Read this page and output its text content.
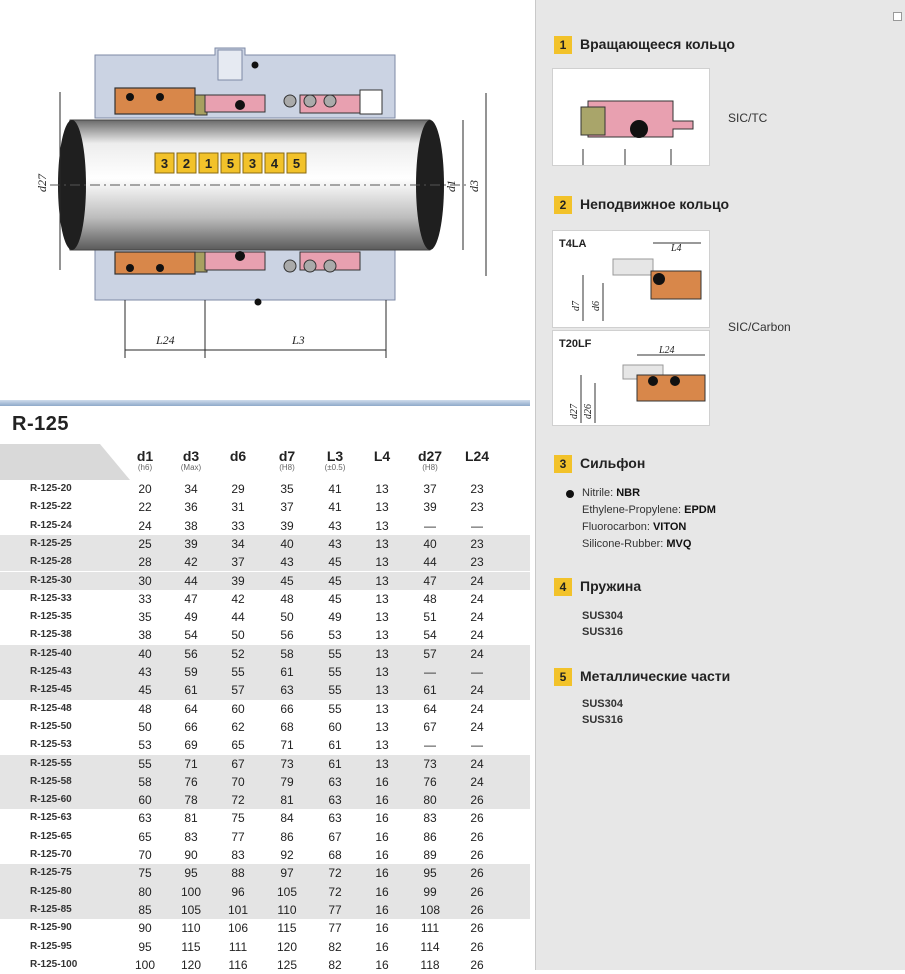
d27	d1 d3
L24	L3
3 2 1 5 3 4 5
R-125
d1
(h6)
d3
(Max)
d6	d7
(H8)
L3
(±0.5)
L4	d27
(H8)
L24
R-125-20	20	34	29	35	41	13	37	23
R-125-22	22	36	31	37	41	13	39	23
R-125-24	24	38	33	39	43	13	—	—
R-125-25	25	39	34	40	43	13	40	23
R-125-28	28	42	37	43	45	13	44	23
R-125-30	30	44	39	45	45	13	47	24
R-125-33	33	47	42	48	45	13	48	24
R-125-35	35	49	44	50	49	13	51	24
R-125-38	38	54	50	56	53	13	54	24
R-125-40	40	56	52	58	55	13	57	24
R-125-43	43	59	55	61	55	13	—	—
R-125-45	45	61	57	63	55	13	61	24
R-125-48	48	64	60	66	55	13	64	24
R-125-50	50	66	62	68	60	13	67	24
R-125-53	53	69	65	71	61	13	—	—
R-125-55	55	71	67	73	61	13	73	24
R-125-58	58	76	70	79	63	16	76	24
R-125-60	60	78	72	81	63	16	80	26
R-125-63	63	81	75	84	63	16	83	26
R-125-65	65	83	77	86	67	16	86	26
R-125-70	70	90	83	92	68	16	89	26
R-125-75	75	95	88	97	72	16	95	26
R-125-80	80	100	96	105	72	16	99	26
R-125-85	85	105	101	110	77	16	108	26
R-125-90	90	110	106	115	77	16	111	26
R-125-95	95	115	111	120	82	16	114	26
R-125-100	100	120	116	125	82	16	118	26
1 Вращающееся кольцо
SIC/TC
2 Неподвижное кольцо
T4LA	L4
d7 d6
T20LF
L24
d27 d26
SIC/Carbon
3 Сильфон
Nitrile: NBR
Ethylene-Propylene: EPDM
Fluorocarbon: VITON
Silicone-Rubber: MVQ
4 Пружина
SUS304
SUS316
5 Металлические части
SUS304
SUS316
